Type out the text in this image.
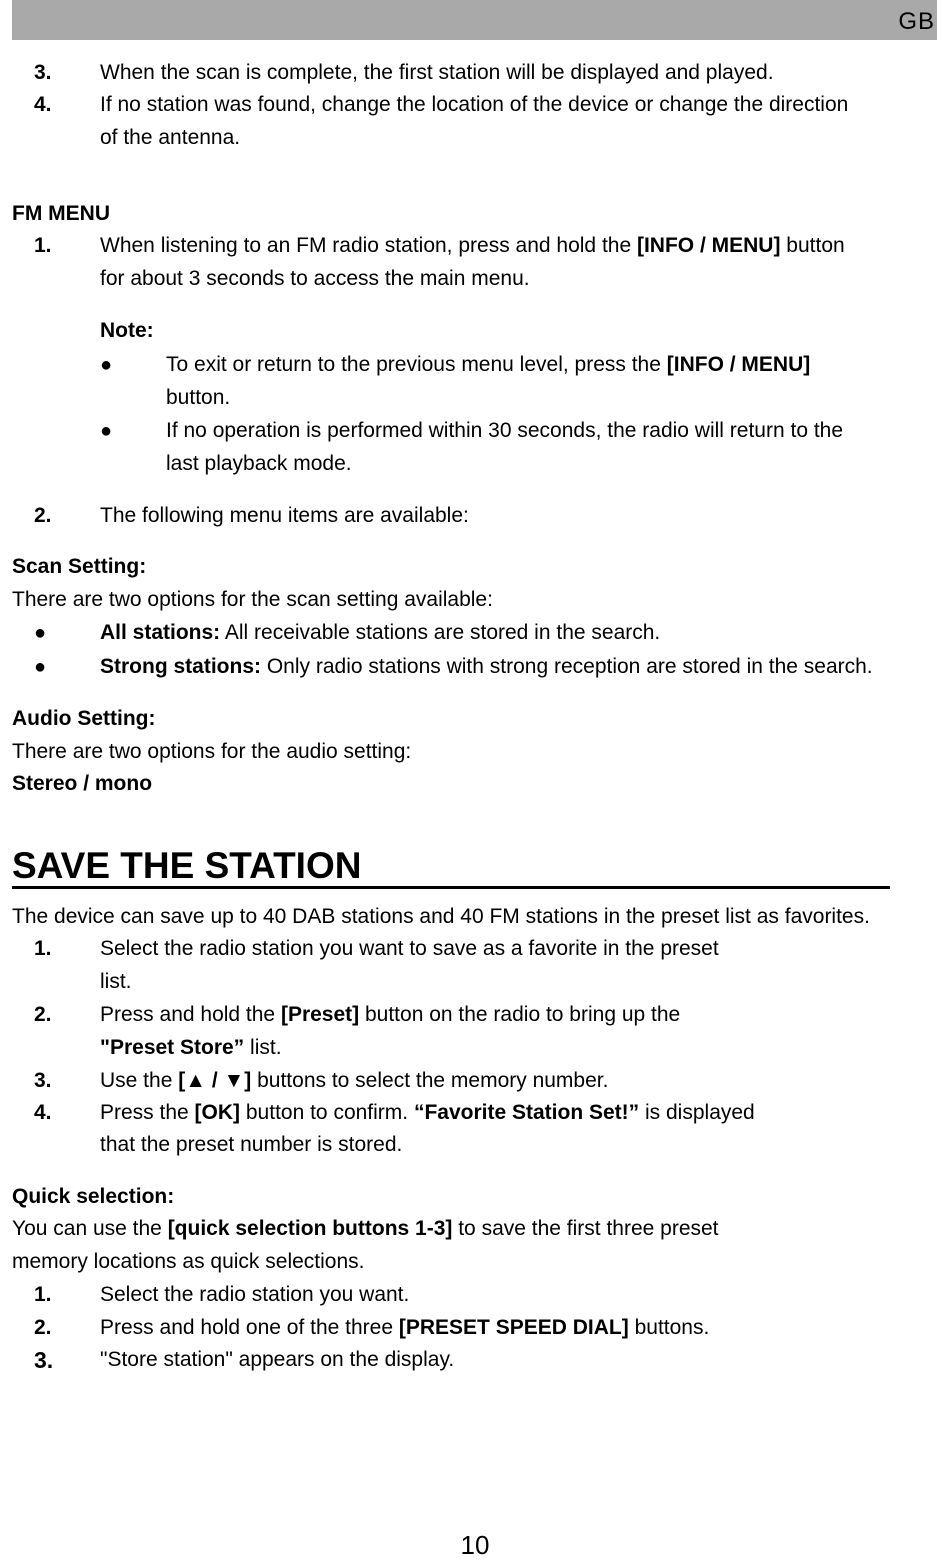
GB
3. When the scan is complete, the first station will be displayed and played.
4. If no station was found, change the location of the device or change the direction
of the antenna.
FM MENU
1. When listening to an FM radio station, press and hold the [INFO / MENU] button
for about 3 seconds to access the main menu.
Note:
●	To exit or return to the previous menu level, press the [INFO / MENU]
button.
●	If no operation is performed within 30 seconds, the radio will return to the
last playback mode.
2. The following menu items are available:
Scan Setting:
There are two options for the scan setting available:
●	All stations: All receivable stations are stored in the search.
●	Strong stations: Only radio stations with strong reception are stored in the search.
Audio Setting:
There are two options for the audio setting:
Stereo / mono
SAVE THE STATION
The device can save up to 40 DAB stations and 40 FM stations in the preset list as favorites.
1. Select the radio station you want to save as a favorite in the preset
list.
2. Press and hold the [Preset] button on the radio to bring up the
"Preset Store” list.
3. Use the [▲ / ▼] buttons to select the memory number.
4. Press the [OK] button to confirm. “Favorite Station Set!” is displayed
that the preset number is stored.
Quick selection:
You can use the [quick selection buttons 1-3] to save the first three preset
memory locations as quick selections.
1. Select the radio station you want.
2. Press and hold one of the three [PRESET SPEED DIAL] buttons.
3. "Store station" appears on the display.
10
